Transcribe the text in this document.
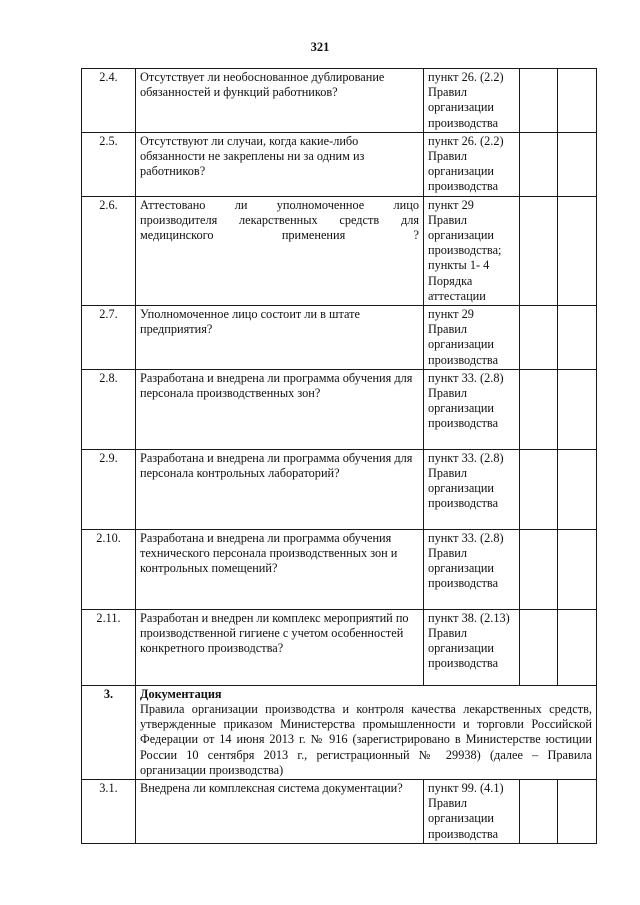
321
2.4.	Отсутствует ли необоснованное дублирование обязанностей и функций работников?	пункт 26. (2.2) Правил организации производства		
2.5.	Отсутствуют ли случаи, когда какие-либо обязанности не закреплены ни за одним из работников?	пункт 26. (2.2) Правил организации производства		
2.6.	Аттестовано ли уполномоченное лицо производителя лекарственных средств для медицинского применения ?	пункт 29 Правил организации производства; пункты 1- 4 Порядка аттестации		
2.7.	Уполномоченное лицо состоит ли в штате предприятия?	пункт 29 Правил организации производства		
2.8.	Разработана и внедрена ли программа обучения для персонала производственных зон?	пункт 33. (2.8) Правил организации производства		
2.9.	Разработана и внедрена ли программа обучения для персонала контрольных лабораторий?	пункт 33. (2.8) Правил организации производства		
2.10.	Разработана и внедрена ли программа обучения технического персонала производственных зон и контрольных помещений?	пункт 33. (2.8) Правил организации производства		
2.11.	Разработан и внедрен ли комплекс мероприятий по производственной гигиене с учетом особенностей конкретного производства?	пункт 38. (2.13) Правил организации производства		
3.	Документация
Правила организации производства и контроля качества лекарственных средств, утвержденные приказом Министерства промышленности и торговли Российской Федерации от 14 июня 2013 г. № 916 (зарегистрировано в Министерстве юстиции России 10 сентября 2013 г., регистрационный № 29938) (далее – Правила организации производства)			
3.1.	Внедрена ли комплексная система документации?	пункт 99. (4.1) Правил организации производства		
